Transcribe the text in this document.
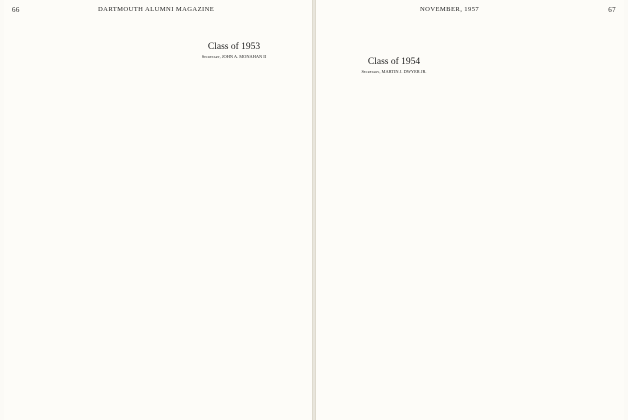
66	DARTMOUTH ALUMNI MAGAZINE

Class of 1953
Secretary, JOHN A. MONAHAN II

NOVEMBER, 1957	67

Class of 1954
Secretary, MARTIN J. DWYER JR.
